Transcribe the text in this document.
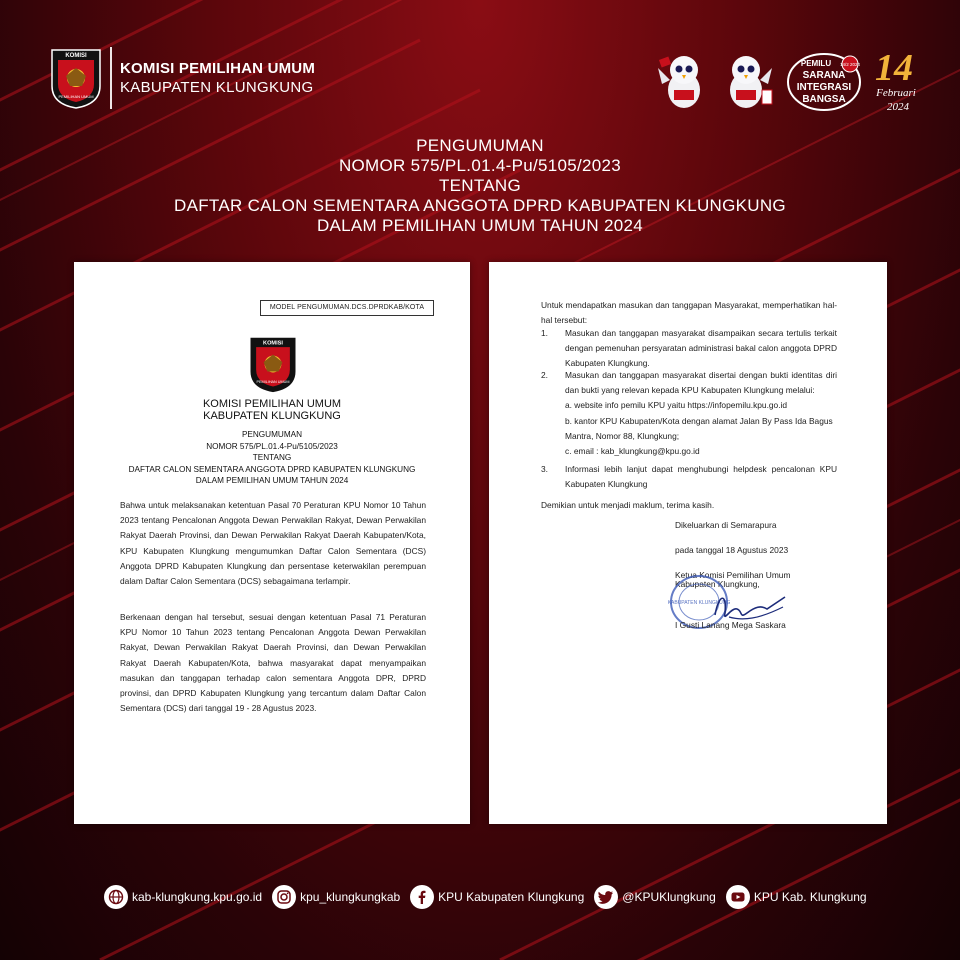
KOMISI
PEMILIHAN UMUM
KOMISI PEMILIHAN UMUM
KABUPATEN KLUNGKUNG
PEMILU
SARANA
INTEGRASI
BANGSA
14/2 2024 14
Februari
2024
PENGUMUMAN
NOMOR 575/PL.01.4-Pu/5105/2023
TENTANG
DAFTAR CALON SEMENTARA ANGGOTA DPRD KABUPATEN KLUNGKUNG
DALAM PEMILIHAN UMUM TAHUN 2024
MODEL PENGUMUMAN.DCS.DPRDKAB/KOTA
KOMISI
PEMILIHAN UMUM
KOMISI PEMILIHAN UMUM
KABUPATEN KLUNGKUNG
PENGUMUMAN
NOMOR 575/PL.01.4-Pu/5105/2023
TENTANG
DAFTAR CALON SEMENTARA ANGGOTA DPRD KABUPATEN KLUNGKUNG
DALAM PEMILIHAN UMUM TAHUN 2024
Bahwa untuk melaksanakan ketentuan Pasal 70 Peraturan KPU Nomor 10 Tahun 2023 tentang Pencalonan Anggota Dewan Perwakilan Rakyat, Dewan Perwakilan Rakyat Daerah Provinsi, dan Dewan Perwakilan Rakyat Daerah Kabupaten/Kota, KPU Kabupaten Klungkung mengumumkan Daftar Calon Sementara (DCS) Anggota DPRD Kabupaten Klungkung dan persentase keterwakilan perempuan dalam Daftar Calon Sementara (DCS) sebagaimana terlampir.
Berkenaan dengan hal tersebut, sesuai dengan ketentuan Pasal 71 Peraturan KPU Nomor 10 Tahun 2023 tentang Pencalonan Anggota Dewan Perwakilan Rakyat, Dewan Perwakilan Rakyat Daerah Provinsi, dan Dewan Perwakilan Rakyat Daerah Kabupaten/Kota, bahwa masyarakat dapat menyampaikan masukan dan tanggapan terhadap calon sementara Anggota DPR, DPRD provinsi, dan DPRD Kabupaten Klungkung yang tercantum dalam Daftar Calon Sementara (DCS) dari tanggal 19 - 28 Agustus 2023.
Untuk mendapatkan masukan dan tanggapan Masyarakat, memperhatikan hal-hal tersebut:
1.	Masukan dan tanggapan masyarakat disampaikan secara tertulis terkait dengan pemenuhan persyaratan administrasi bakal calon anggota DPRD Kabupaten Klungkung.
2.	Masukan dan tanggapan masyarakat disertai dengan bukti identitas diri dan bukti yang relevan kepada KPU Kabupaten Klungkung melalui:
a. website info pemilu KPU yaitu https://infopemilu.kpu.go.id
b. kantor KPU Kabupaten/Kota dengan alamat Jalan By Pass Ida Bagus Mantra, Nomor 88, Klungkung;
c. email : kab_klungkung@kpu.go.id
3.	Informasi lebih lanjut dapat menghubungi helpdesk pencalonan KPU Kabupaten Klungkung
Demikian untuk menjadi maklum, terima kasih.
Dikeluarkan di Semarapura
pada tanggal 18 Agustus 2023
Ketua Komisi Pemilihan Umum
Kabupaten Klungkung,
KABUPATEN KLUNGKUNG
I Gusti Lanang Mega Saskara
kab-klungkung.kpu.go.id	kpu_klungkungkab	KPU Kabupaten Klungkung	@KPUKlungkung	KPU Kab. Klungkung
